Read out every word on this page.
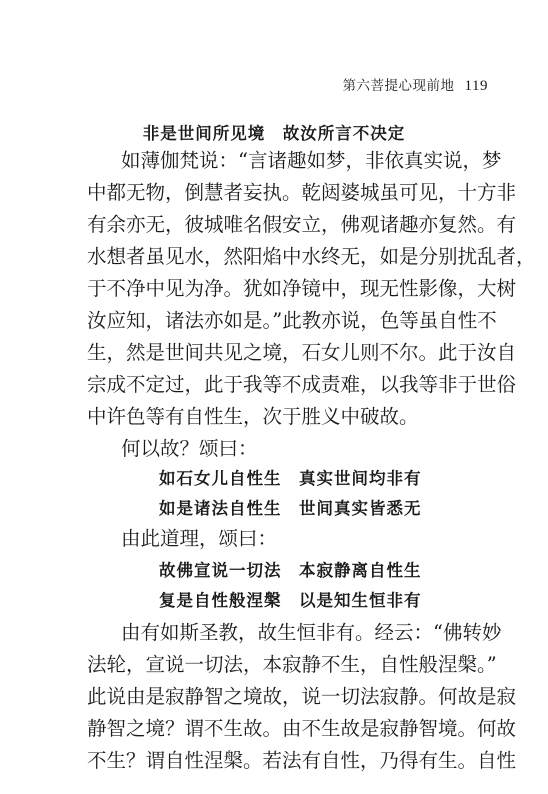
第六菩提心现前地 119
非是世间所见境　故汝所言不决定
如薄伽梵说：“言诸趣如梦，非依真实说，梦
中都无物，倒慧者妄执。乾闼婆城虽可见，十方非
有余亦无，彼城唯名假安立，佛观诸趣亦复然。有
水想者虽见水，然阳焰中水终无，如是分别扰乱者，
于不净中见为净。犹如净镜中，现无性影像，大树
汝应知，诸法亦如是。”此教亦说，色等虽自性不
生，然是世间共见之境，石女儿则不尔。此于汝自
宗成不定过，此于我等不成责难，以我等非于世俗
中许色等有自性生，次于胜义中破故。
何以故？颂曰：
如石女儿自性生　真实世间均非有
如是诸法自性生　世间真实皆悉无
由此道理，颂曰：
故佛宣说一切法　本寂静离自性生
复是自性般涅槃　以是知生恒非有
由有如斯圣教，故生恒非有。经云：“佛转妙
法轮，宣说一切法，本寂静不生，自性般涅槃。”
此说由是寂静智之境故，说一切法寂静。何故是寂
静智之境？谓不生故。由不生故是寂静智境。何故
不生？谓自性涅槃。若法有自性，乃得有生。自性
